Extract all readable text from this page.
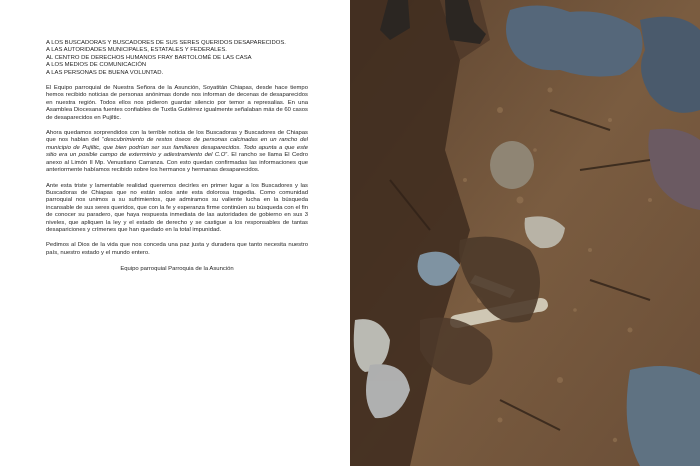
A LOS BUSCADORAS Y BUSCADORES DE SUS SERES QUERIDOS DESAPARECIDOS.
A LAS AUTORIDADES MUNICIPALES, ESTATALES Y FEDERALES.
AL CENTRO DE DERECHOS HUMANOS FRAY BARTOLOMÉ DE LAS CASA
A LOS MEDIOS DE COMUNICACIÓN
A LAS PERSONAS DE BUENA VOLUNTAD.

El Equipo parroquial de Nuestra Señora de la Asunción, Soyatitán Chiapas, desde hace tiempo hemos recibido noticias de personas anónimas donde nos informan de decenas de desaparecidos en nuestra región. Todos ellos nos pidieron guardar silencio por temor a represalias. En una Asamblea Diocesana fuentes confiables de Tuxtla Gutiérrez igualmente señalaban más de 60 casos de desaparecidos en Pujiltic.

Ahora quedamos sorprendidos con la terrible noticia de los Buscadoras y Buscadores de Chiapas que nos hablan del “descubrimiento de restos óseos de personas calcinadas en un rancho del municipio de Pujiltic, que bien podrían ser sus familiares desaparecidos. Todo apunta a que este sitio era un posible campo de exterminio y adiestramiento del C.O”. El rancho se llama El Cedro anexo al Limón II Mp. Venustiano Carranza. Con esto quedan confirmadas las informaciones que anteriormente habíamos recibido sobre los hermanos y hermanas desaparecidos.

Ante esta triste y lamentable realidad queremos decirles en primer lugar a los Buscadores y las Buscadoras de Chiapas que no están solos ante esta dolorosa tragedia. Como comunidad parroquial nos unimos a su sufrimientos, que admiramos su valiente lucha en la búsqueda incansable de sus seres queridos, que con la fe y esperanza firme continúen su búsqueda con el fin de conocer su paradero, que haya respuesta inmediata de las autoridades de gobierno en sus 3 niveles, que apliquen la ley y el estado de derecho y se castigue a los responsables de tantas desapariciones y crímenes que han quedado en la total impunidad.

Pedimos al Dios de la vida que nos conceda una paz justa y duradera que tanto necesita nuestro país, nuestro estado y el mundo entero.

Equipo parroquial Parroquia de la Asunción
